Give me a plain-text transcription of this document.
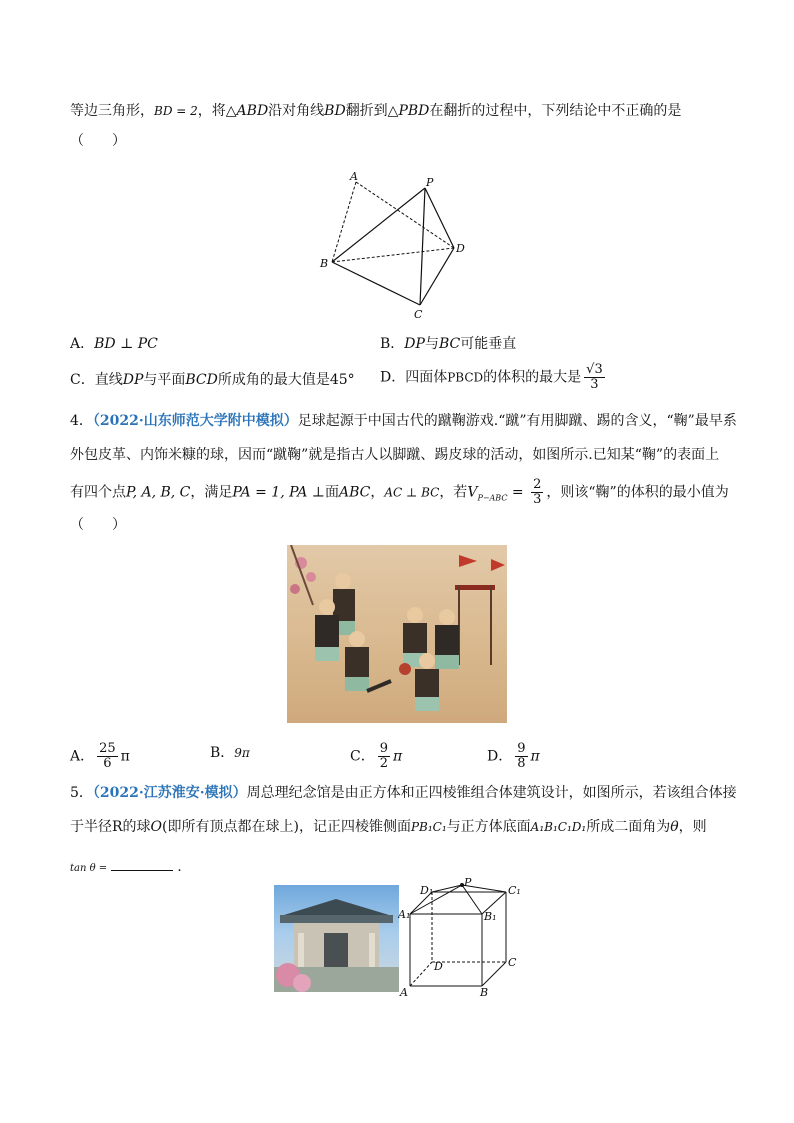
等边三角形，BD = 2，将△ABD沿对角线BD翻折到△PBD在翻折的过程中，下列结论中不正确的是
（　　）
A	P
B
D
C
A．BD ⊥ PC	B．DP与BC可能垂直
C．直线DP与平面BCD所成角的最大值是45° D．四面体PBCD的体积的最大是 $\frac{√3}{3}$
4．（2022·山东师范大学附中模拟）足球起源于中国古代的蹴鞠游戏.“蹴”有用脚蹴、踢的含义，“鞠”最早系
外包皮革、内饰米糠的球，因而“蹴鞠”就是指古人以脚蹴、踢皮球的活动，如图所示.已知某“鞠”的表面上
有四个点P, A, B, C，满足PA = 1, PA ⊥面ABC，AC ⊥ BC，若$V_{P-ABC} = \frac{2}{3}$ ，则该“鞠”的体积的最小值为
（　　）
A． $\frac{25}{6}$ π	B．9π	C． $\frac{9}{2}$ π	D． $\frac{9}{8}$ π
5．（2022·江苏淮安·模拟）周总理纪念馆是由正方体和正四棱锥组合体建筑设计，如图所示，若该组合体接
于半径R的球O(即所有顶点都在球上)，记正四棱锥侧面PB₁C₁与正方体底面A₁B₁C₁D₁所成二面角为θ，则
tan θ =	.
P
D₁	C₁
A₁	B₁
D	C
A	B
